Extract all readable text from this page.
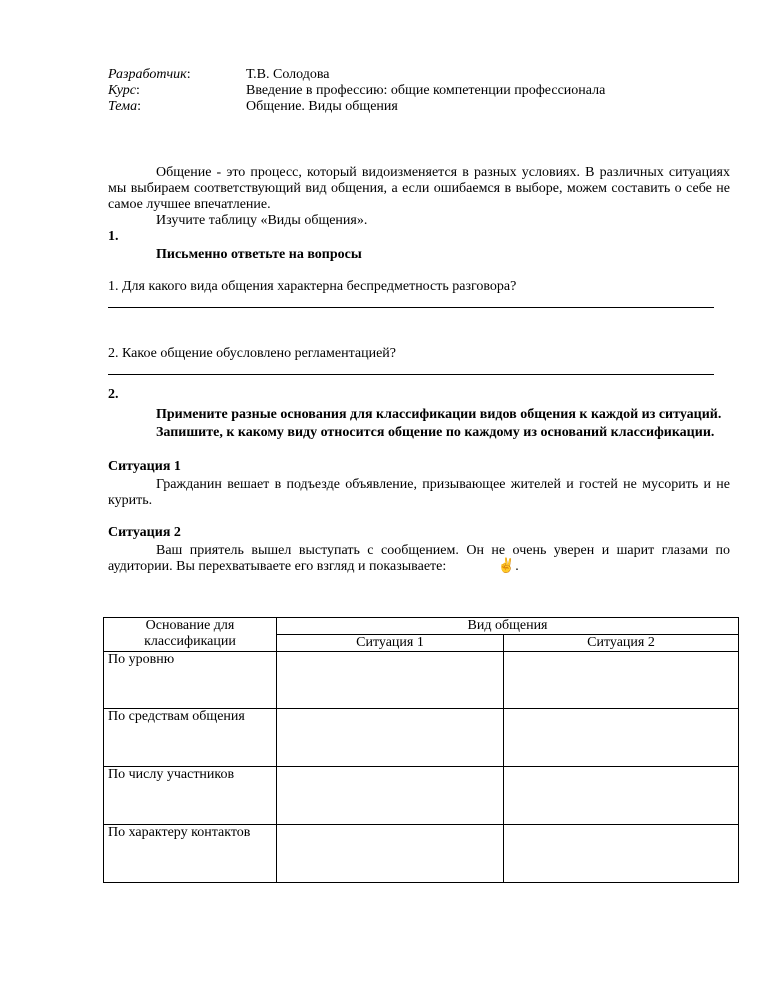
Разработчик:	Т.В. Солодова
Курс:	Введение в профессию: общие компетенции профессионала
Тема:	Общение. Виды общения

Общение - это процесс, который видоизменяется в разных условиях. В различных ситуациях мы выбираем соответствующий вид общения, а если ошибаемся в выборе, можем составить о себе не самое лучшее впечатление.

Изучите таблицу «Виды общения».

1.

Письменно ответьте на вопросы

1. Для какого вида общения характерна беспредметность разговора?
2. Какое общение обусловлено регламентацией?
2.

Примените разные основания для классификации видов общения к каждой из ситуаций.

Запишите, к какому виду относится общение по каждому из оснований классификации.

Ситуация 1

Гражданин вешает в подъезде объявление, призывающее жителей и гостей не мусорить и не курить.

Ситуация 2

Ваш приятель вышел выступать с сообщением. Он не очень уверен и шарит глазами по аудитории. Вы перехватываете его взгляд и показываете:	✌.

Основание для классификации	Вид общения	
	Ситуация 1	Ситуация 2
По уровню		
По средствам общения		
По числу участников		
По характеру контактов		
